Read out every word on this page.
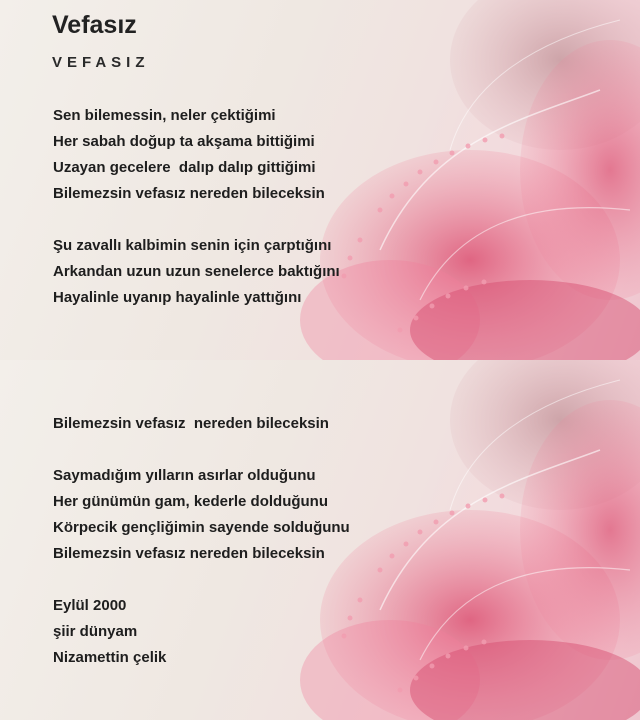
Vefasız

VEFASIZ

Sen bilemessin, neler çektiğimi

Her sabah doğup ta akşama bittiğimi

Uzayan gecelere  dalıp dalıp gittiğimi

Bilemezsin vefasız nereden bileceksin

Şu zavallı kalbimin senin için çarptığını

Arkandan uzun uzun senelerce baktığını

Hayalinle uyanıp hayalinle yattığını

Bilemezsin vefasız  nereden bileceksin

Saymadığım yılların asırlar olduğunu

Her günümün gam, kederle dolduğunu

Körpecik gençliğimin sayende solduğunu

Bilemezsin vefasız nereden bileceksin

Eylül 2000

şiir dünyam

Nizamettin çelik
